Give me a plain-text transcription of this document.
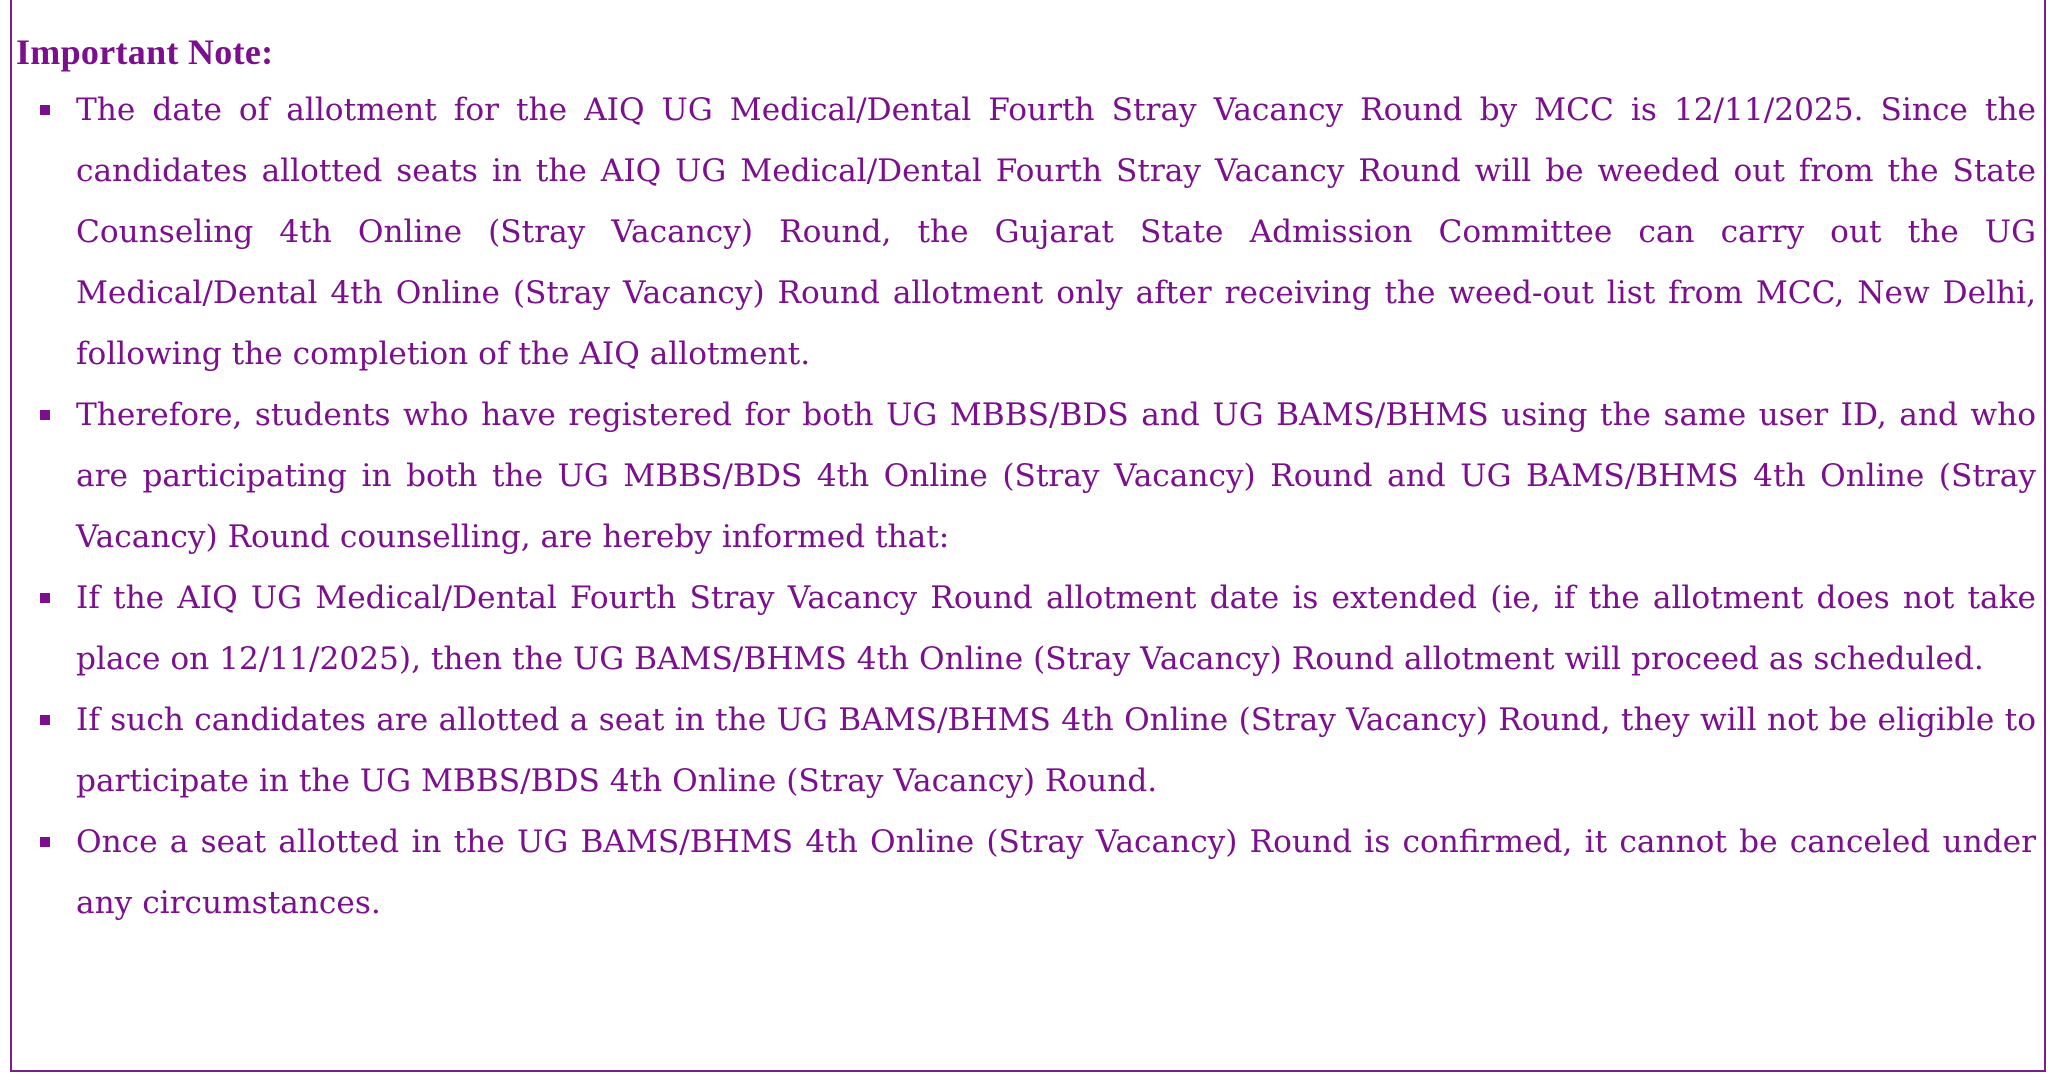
Important Note:
The date of allotment for the AIQ UG Medical/Dental Fourth Stray Vacancy Round by MCC is 12/11/2025. Since the candidates allotted seats in the AIQ UG Medical/Dental Fourth Stray Vacancy Round will be weeded out from the State Counseling 4th Online (Stray Vacancy) Round, the Gujarat State Admission Committee can carry out the UG Medical/Dental 4th Online (Stray Vacancy) Round allotment only after receiving the weed-out list from MCC, New Delhi, following the completion of the AIQ allotment.
Therefore, students who have registered for both UG MBBS/BDS and UG BAMS/BHMS using the same user ID, and who are participating in both the UG MBBS/BDS 4th Online (Stray Vacancy) Round and UG BAMS/BHMS 4th Online (Stray Vacancy) Round counselling, are hereby informed that:
If the AIQ UG Medical/Dental Fourth Stray Vacancy Round allotment date is extended (ie, if the allotment does not take place on 12/11/2025), then the UG BAMS/BHMS 4th Online (Stray Vacancy) Round allotment will proceed as scheduled.
If such candidates are allotted a seat in the UG BAMS/BHMS 4th Online (Stray Vacancy) Round, they will not be eligible to participate in the UG MBBS/BDS 4th Online (Stray Vacancy) Round.
Once a seat allotted in the UG BAMS/BHMS 4th Online (Stray Vacancy) Round is confirmed, it cannot be canceled under any circumstances.
